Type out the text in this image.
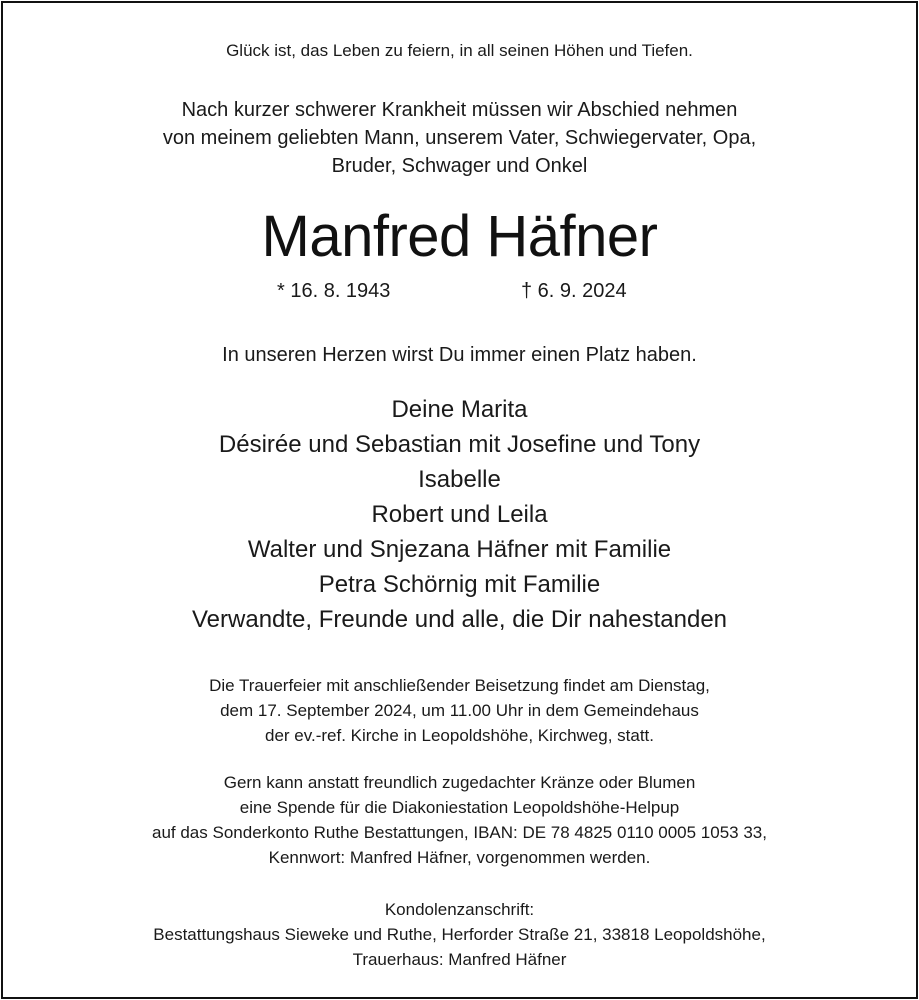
Glück ist, das Leben zu feiern, in all seinen Höhen und Tiefen.
Nach kurzer schwerer Krankheit müssen wir Abschied nehmen
von meinem geliebten Mann, unserem Vater, Schwiegervater, Opa,
Bruder, Schwager und Onkel
Manfred Häfner
* 16. 8. 1943	† 6. 9. 2024
In unseren Herzen wirst Du immer einen Platz haben.
Deine Marita
Désirée und Sebastian mit Josefine und Tony
Isabelle
Robert und Leila
Walter und Snjezana Häfner mit Familie
Petra Schörnig mit Familie
Verwandte, Freunde und alle, die Dir nahestanden
Die Trauerfeier mit anschließender Beisetzung findet am Dienstag,
dem 17. September 2024, um 11.00 Uhr in dem Gemeindehaus
der ev.-ref. Kirche in Leopoldshöhe, Kirchweg, statt.
Gern kann anstatt freundlich zugedachter Kränze oder Blumen
eine Spende für die Diakoniestation Leopoldshöhe-Helpup
auf das Sonderkonto Ruthe Bestattungen, IBAN: DE 78 4825 0110 0005 1053 33,
Kennwort: Manfred Häfner, vorgenommen werden.
Kondolenzanschrift:
Bestattungshaus Sieweke und Ruthe, Herforder Straße 21, 33818 Leopoldshöhe,
Trauerhaus: Manfred Häfner
